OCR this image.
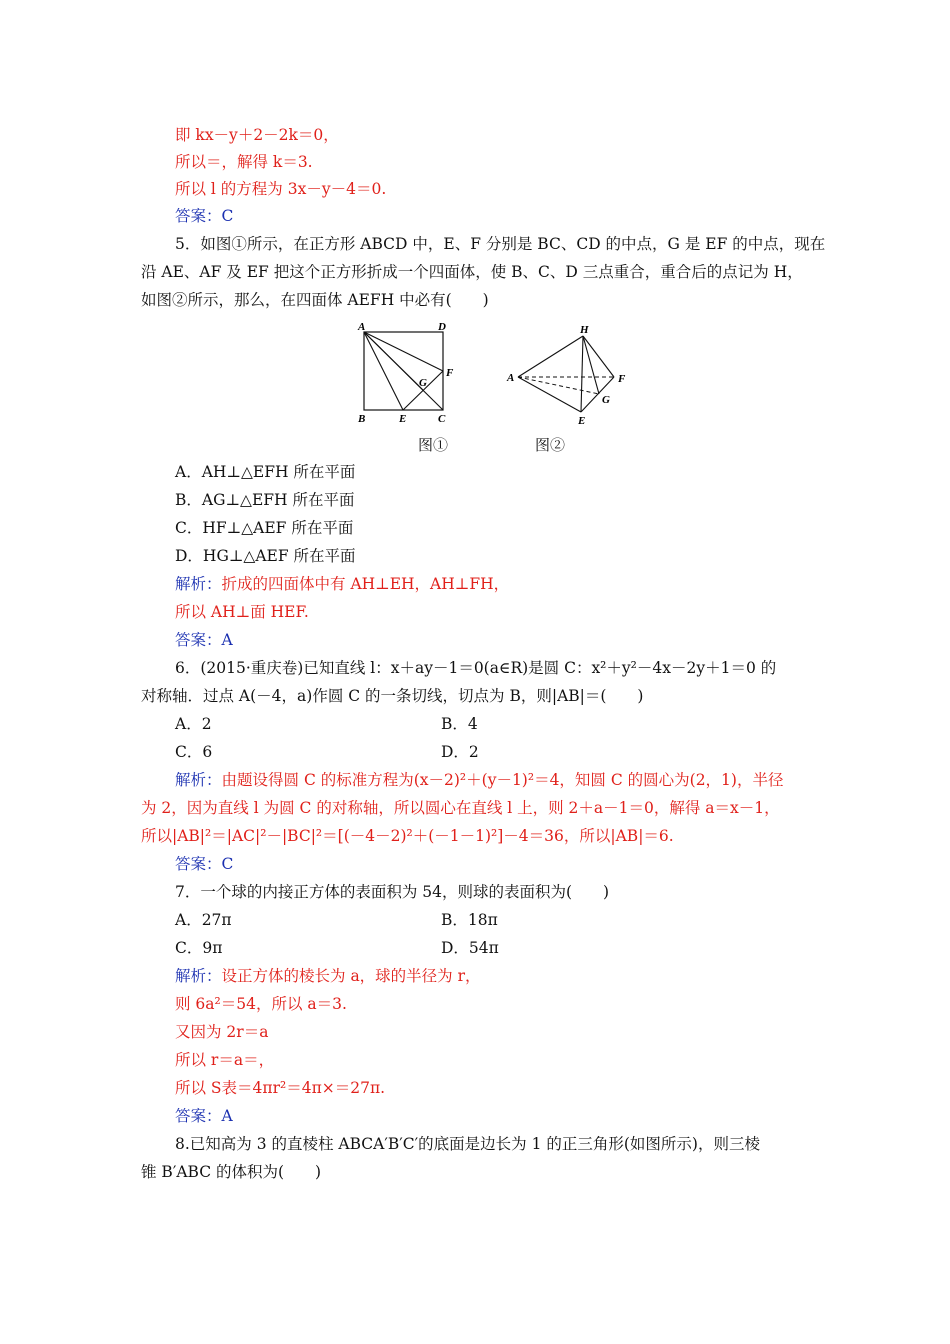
即 kx－y＋2－2k＝0，
所以＝，解得 k＝3.
所以 l 的方程为 3x－y－4＝0.
答案：C
5．如图①所示，在正方形 ABCD 中，E、F 分别是 BC、CD 的中点，G 是 EF 的中点，现在
沿 AE、AF 及 EF 把这个正方形折成一个四面体，使 B、C、D 三点重合，重合后的点记为 H，
如图②所示，那么，在四面体 AEFH 中必有(　　)
A	D
B	E	C
F
G	A
H
F
G
E
图①	图②
A．AH⊥△EFH 所在平面
B．AG⊥△EFH 所在平面
C．HF⊥△AEF 所在平面
D．HG⊥△AEF 所在平面
解析：折成的四面体中有 AH⊥EH，AH⊥FH，
所以 AH⊥面 HEF.
答案：A
6．(2015·重庆卷)已知直线 l：x＋ay－1＝0(a∈R)是圆 C：x²＋y²－4x－2y＋1＝0 的
对称轴．过点 A(－4，a)作圆 C 的一条切线，切点为 B，则|AB|＝(　　)
A．2	B．4
C．6	D．2
解析：由题设得圆 C 的标准方程为(x－2)²＋(y－1)²＝4，知圆 C 的圆心为(2，1)，半径
为 2，因为直线 l 为圆 C 的对称轴，所以圆心在直线 l 上，则 2＋a－1＝0，解得 a＝x－1，
所以|AB|²＝|AC|²－|BC|²＝[(－4－2)²＋(－1－1)²]－4＝36，所以|AB|＝6.
答案：C
7．一个球的内接正方体的表面积为 54，则球的表面积为(　　)
A．27π	B．18π
C．9π	D．54π
解析：设正方体的棱长为 a，球的半径为 r，
则 6a²＝54，所以 a＝3.
又因为 2r＝a
所以 r＝a＝，
所以 S表＝4πr²＝4π×＝27π.
答案：A
8.已知高为 3 的直棱柱 ABCA′B′C′的底面是边长为 1 的正三角形(如图所示)，则三棱
锥 B′ABC 的体积为(　　)
